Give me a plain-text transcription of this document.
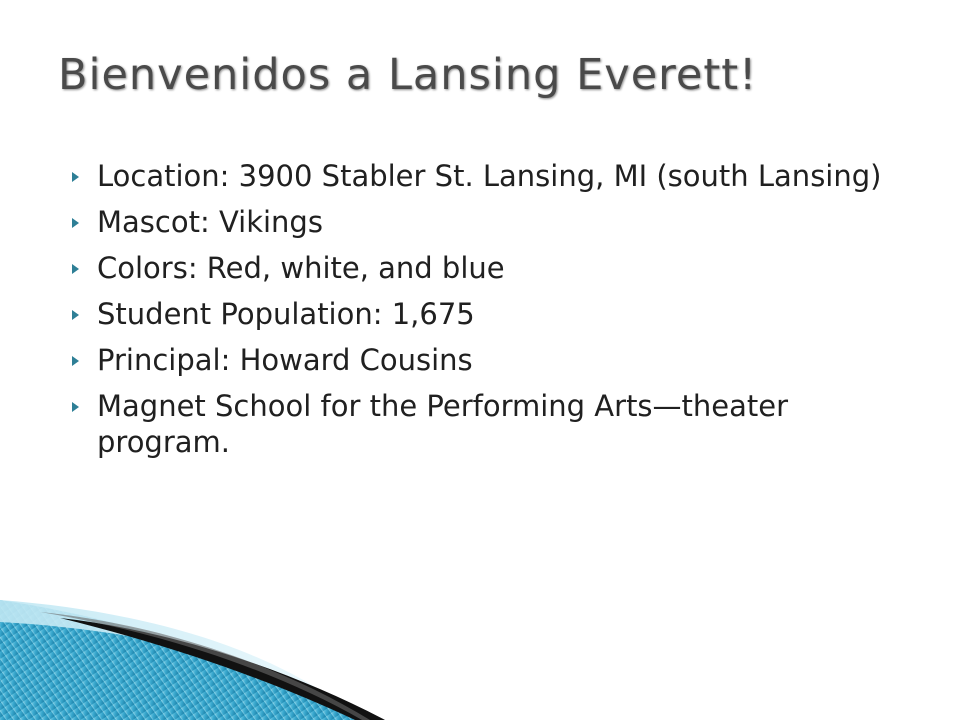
Bienvenidos a Lansing Everett!
Location: 3900 Stabler St. Lansing, MI (south Lansing)
Mascot: Vikings
Colors: Red, white, and blue
Student Population: 1,675
Principal: Howard Cousins
Magnet School for the Performing Arts—theater program.
